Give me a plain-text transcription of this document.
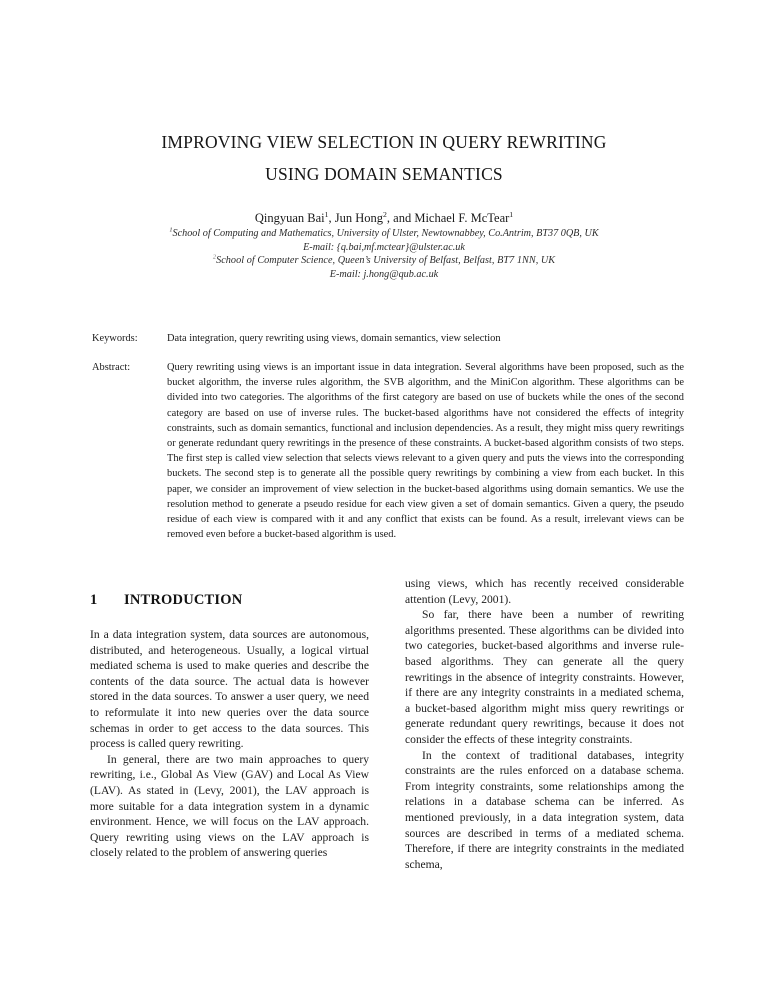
IMPROVING VIEW SELECTION IN QUERY REWRITING
USING DOMAIN SEMANTICS
Qingyuan Bai$^1$, Jun Hong$^2$, and Michael F. McTear$^1$
$^1$School of Computing and Mathematics, University of Ulster, Newtownabbey, Co.Antrim, BT37 0QB, UK
E-mail: {q.bai,mf.mctear}@ulster.ac.uk
$^2$School of Computer Science, Queen’s University of Belfast, Belfast, BT7 1NN, UK
E-mail: j.hong@qub.ac.uk
Keywords:	Data integration, query rewriting using views, domain semantics, view selection
Abstract:	Query rewriting using views is an important issue in data integration. Several algorithms have been proposed, such as the bucket algorithm, the inverse rules algorithm, the SVB algorithm, and the MiniCon algorithm. These algorithms can be divided into two categories. The algorithms of the first category are based on use of buckets while the ones of the second category are based on use of inverse rules. The bucket-based algorithms have not considered the effects of integrity constraints, such as domain semantics, functional and inclusion dependencies. As a result, they might miss query rewritings or generate redundant query rewritings in the presence of these constraints. A bucket-based algorithm consists of two steps. The first step is called view selection that selects views relevant to a given query and puts the views into the corresponding buckets. The second step is to generate all the possible query rewritings by combining a view from each bucket. In this paper, we consider an improvement of view selection in the bucket-based algorithms using domain semantics. We use the resolution method to generate a pseudo residue for each view given a set of domain semantics. Given a query, the pseudo residue of each view is compared with it and any conflict that exists can be found. As a result, irrelevant views can be removed even before a bucket-based algorithm is used.
1	INTRODUCTION

In a data integration system, data sources are autonomous, distributed, and heterogeneous. Usually, a logical virtual mediated schema is used to make queries and describe the contents of the data source. The actual data is however stored in the data sources. To answer a user query, we need to reformulate it into new queries over the data source schemas in order to get access to the data sources. This process is called query rewriting.

In general, there are two main approaches to query rewriting, i.e., Global As View (GAV) and Local As View (LAV). As stated in (Levy, 2001), the LAV approach is more suitable for a data integration system in a dynamic environment. Hence, we will focus on the LAV approach. Query rewriting using views on the LAV approach is closely related to the problem of answering queries

using views, which has recently received considerable attention (Levy, 2001).

So far, there have been a number of rewriting algorithms presented. These algorithms can be divided into two categories, bucket-based algorithms and inverse rule-based algorithms. They can generate all the query rewritings in the absence of integrity constraints. However, if there are any integrity constraints in a mediated schema, a bucket-based algorithm might miss query rewritings or generate redundant query rewritings, because it does not consider the effects of these integrity constraints.

In the context of traditional databases, integrity constraints are the rules enforced on a database schema. From integrity constraints, some relationships among the relations in a database schema can be inferred. As mentioned previously, in a data integration system, data sources are described in terms of a mediated schema. Therefore, if there are integrity constraints in the mediated schema,
